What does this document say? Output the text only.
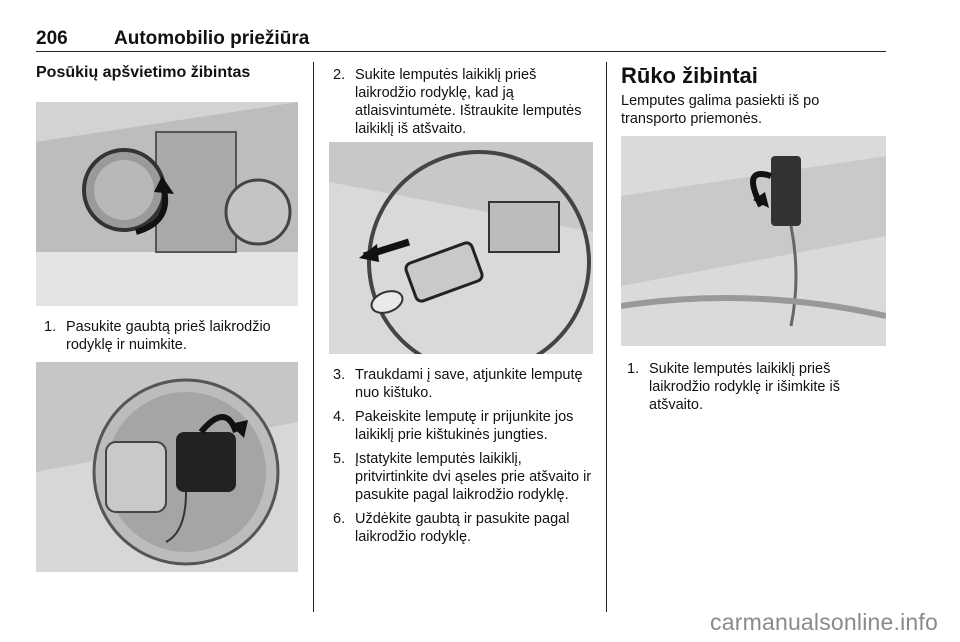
206 Automobilio priežiūra
Posūkių apšvietimo žibintas
1. Pasukite gaubtą prieš laikrodžio rodyklę ir nuimkite.
2. Sukite lemputės laikiklį prieš laikrodžio rodyklę, kad ją atlaisvintumėte. Ištraukite lemputės laikiklį iš atšvaito.
3. Traukdami į save, atjunkite lemputę nuo kištuko.
4. Pakeiskite lemputę ir prijunkite jos laikiklį prie kištukinės jungties.
5. Įstatykite lemputės laikiklį, pritvirtinkite dvi ąseles prie atšvaito ir pasukite pagal laikrodžio rodyklę.
6. Uždėkite gaubtą ir pasukite pagal laikrodžio rodyklę.
Rūko žibintai

Lemputes galima pasiekti iš po transporto priemonės.

1. Sukite lemputės laikiklį prieš laikrodžio rodyklę ir išimkite iš atšvaito.
carmanualsonline.info
